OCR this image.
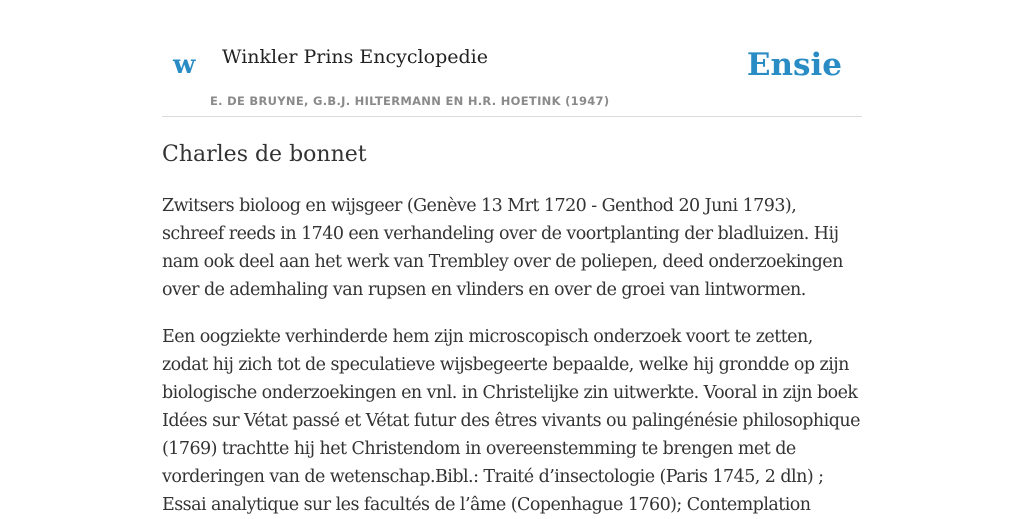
w Winkler Prins Encyclopedie
E. DE BRUYNE, G.B.J. HILTERMANN EN H.R. HOETINK (1947)
Ensie
Charles de bonnet

Zwitsers bioloog en wijsgeer (Genève 13 Mrt 1720 - Genthod 20 Juni 1793), schreef reeds in 1740 een verhandeling over de voortplanting der bladluizen. Hij nam ook deel aan het werk van Trembley over de poliepen, deed onderzoekingen over de ademhaling van rupsen en vlinders en over de groei van lintwormen.

Een oogziekte verhinderde hem zijn microscopisch onderzoek voort te zetten, zodat hij zich tot de speculatieve wijsbegeerte bepaalde, welke hij grondde op zijn biologische onderzoekingen en vnl. in Christelijke zin uitwerkte. Vooral in zijn boek Idées sur Vétat passé et Vétat futur des êtres vivants ou palingénésie philosophique (1769) trachtte hij het Christendom in overeenstemming te brengen met de vorderingen van de wetenschap.Bibl.: Traité d’insectologie (Paris 1745, 2 dln) ; Essai analytique sur les facultés de l’âme (Copenhague 1760); Contemplation
